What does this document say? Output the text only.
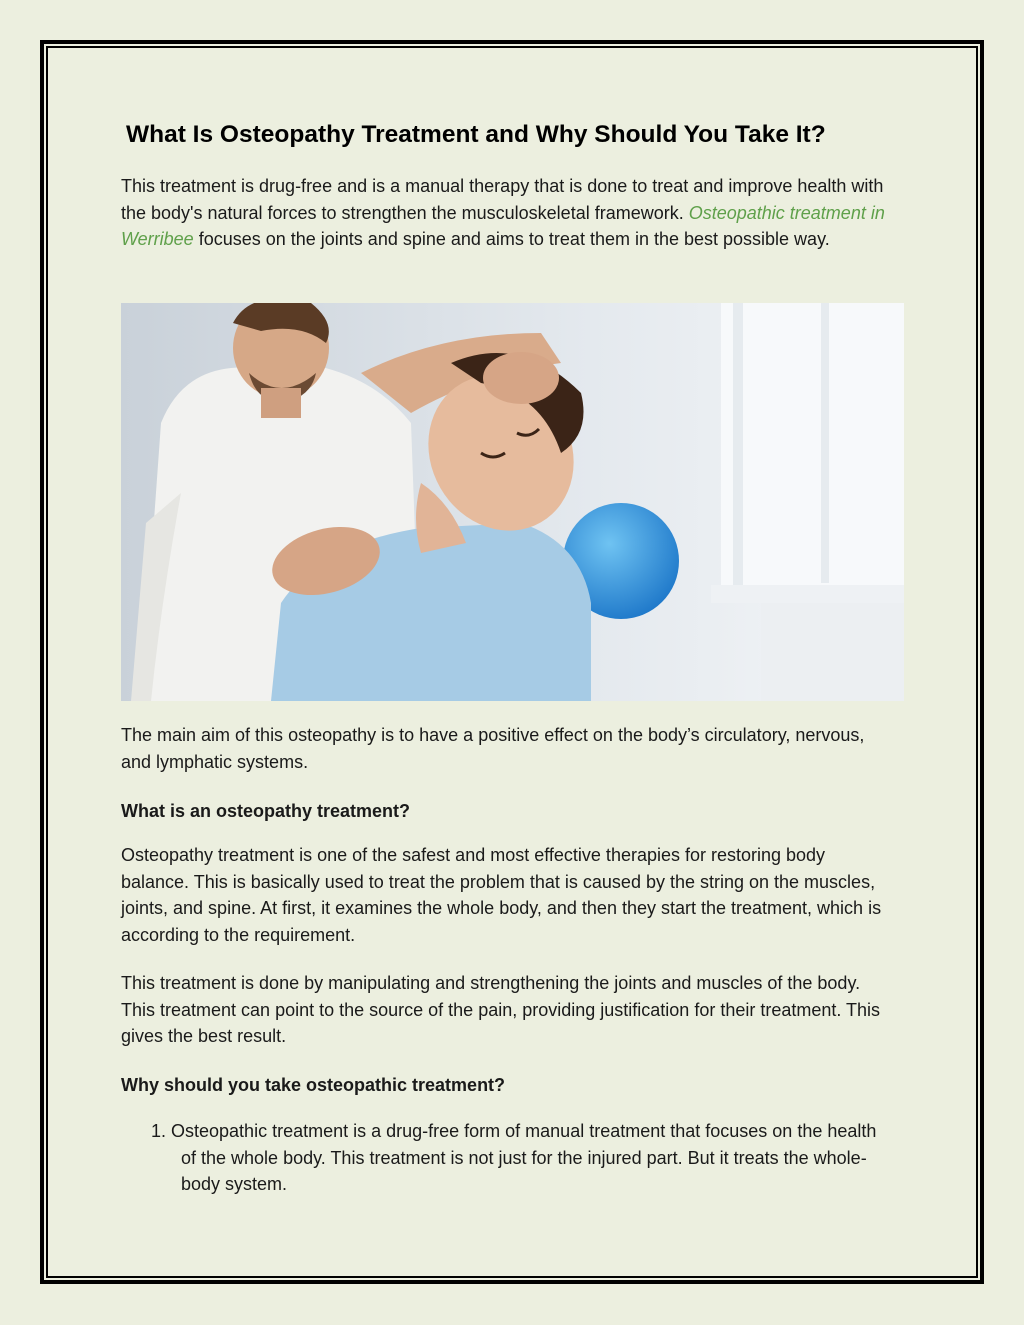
What Is Osteopathy Treatment and Why Should You Take It?

This treatment is drug-free and is a manual therapy that is done to treat and improve health with the body's natural forces to strengthen the musculoskeletal framework. Osteopathic treatment in Werribee focuses on the joints and spine and aims to treat them in the best possible way.

The main aim of this osteopathy is to have a positive effect on the body’s circulatory, nervous, and lymphatic systems.

What is an osteopathy treatment?

Osteopathy treatment is one of the safest and most effective therapies for restoring body balance. This is basically used to treat the problem that is caused by the string on the muscles, joints, and spine. At first, it examines the whole body, and then they start the treatment, which is according to the requirement.

This treatment is done by manipulating and strengthening the joints and muscles of the body. This treatment can point to the source of the pain, providing justification for their treatment. This gives the best result.

Why should you take osteopathic treatment?
1. Osteopathic treatment is a drug-free form of manual treatment that focuses on the health of the whole body. This treatment is not just for the injured part. But it treats the whole-body system.
